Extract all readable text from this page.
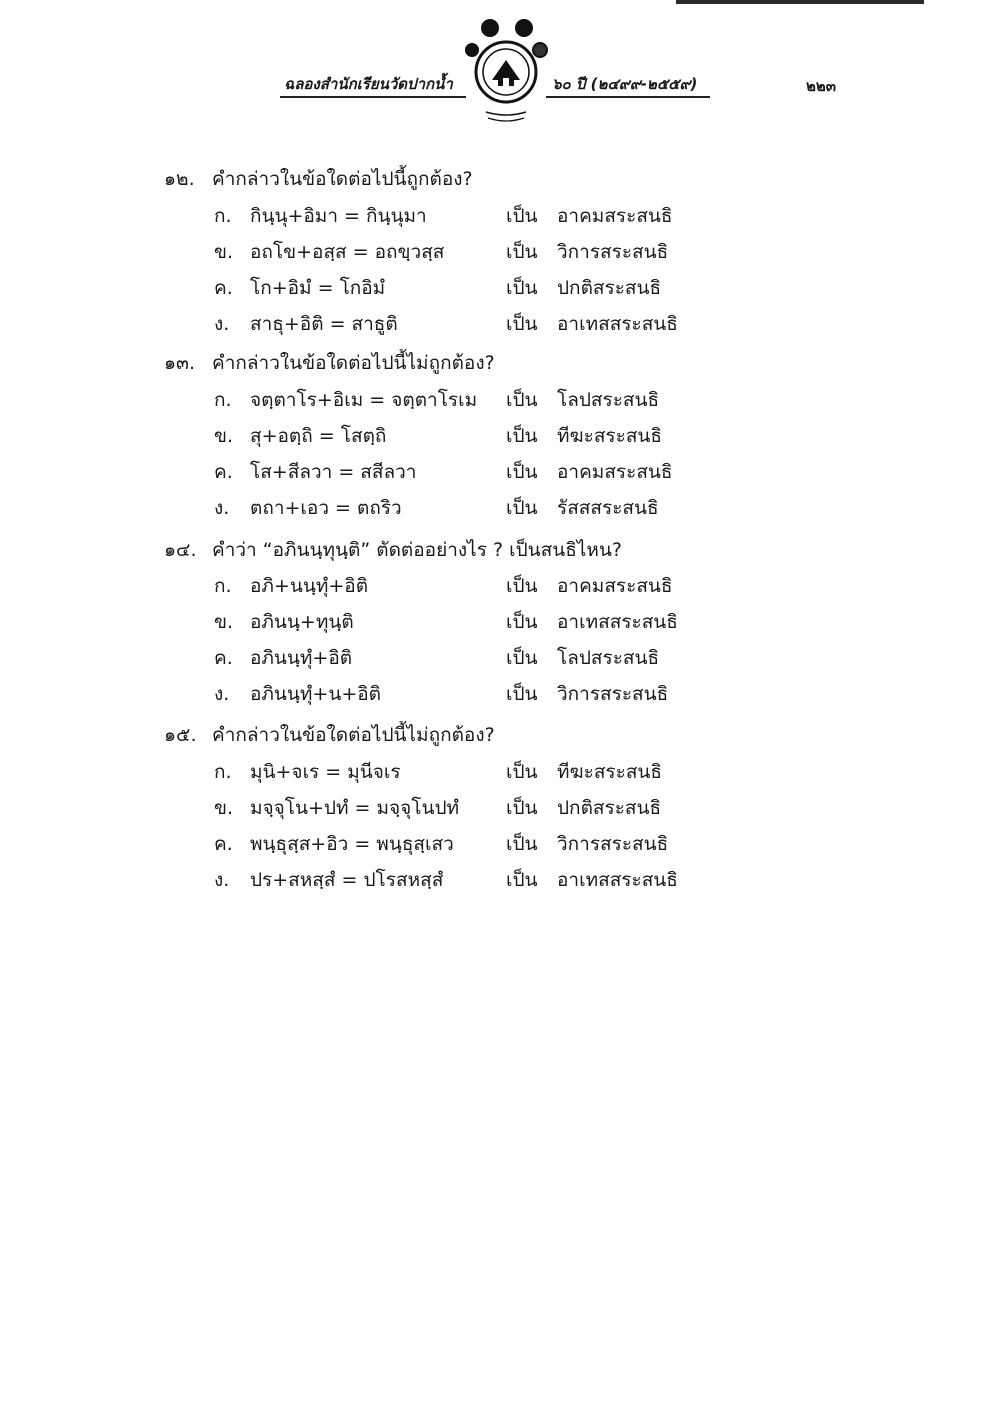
ฉลองสำนักเรียนวัดปากน้ำ	๖๐ ปี (๒๔๙๙-๒๕๕๙)	๒๒๓
๑๒. คำกล่าวในข้อใดต่อไปนี้ถูกต้อง?
ก. กินฺนุ+อิมา = กินฺนุมา	เป็น อาคมสระสนธิ
ข. อถโข+อสฺส = อถขฺวสฺส	เป็น วิการสระสนธิ
ค. โก+อิมํ = โกอิมํ	เป็น ปกติสระสนธิ
ง. สาธุ+อิติ = สาธูติ	เป็น อาเทสสระสนธิ
๑๓. คำกล่าวในข้อใดต่อไปนี้ไม่ถูกต้อง?
ก. จตฺตาโร+อิเม = จตฺตาโรเม เป็น โลปสระสนธิ
ข. สุ+อตฺถิ = โสตฺถิ	เป็น ทีฆะสระสนธิ
ค. โส+สีลวา = สสีลวา	เป็น อาคมสระสนธิ
ง. ตถา+เอว = ตถริว	เป็น รัสสสระสนธิ
๑๔. คำว่า “อภินนฺทุนฺติ” ตัดต่ออย่างไร ? เป็นสนธิไหน?
ก. อภิ+นนฺทุํ+อิติ	เป็น อาคมสระสนธิ
ข. อภินนฺ+ทุนฺติ	เป็น อาเทสสระสนธิ
ค. อภินนฺทุํ+อิติ	เป็น โลปสระสนธิ
ง. อภินนฺทุํ+น+อิติ	เป็น วิการสระสนธิ
๑๕. คำกล่าวในข้อใดต่อไปนี้ไม่ถูกต้อง?
ก. มุนิ+จเร = มุนีจเร	เป็น ทีฆะสระสนธิ
ข. มจฺจุโน+ปทํ = มจฺจุโนปทํ เป็น ปกติสระสนธิ
ค. พนฺธุสฺส+อิว = พนฺธุสฺเสว	เป็น วิการสระสนธิ
ง. ปร+สหสฺสํ = ปโรสหสฺสํ	เป็น อาเทสสระสนธิ
